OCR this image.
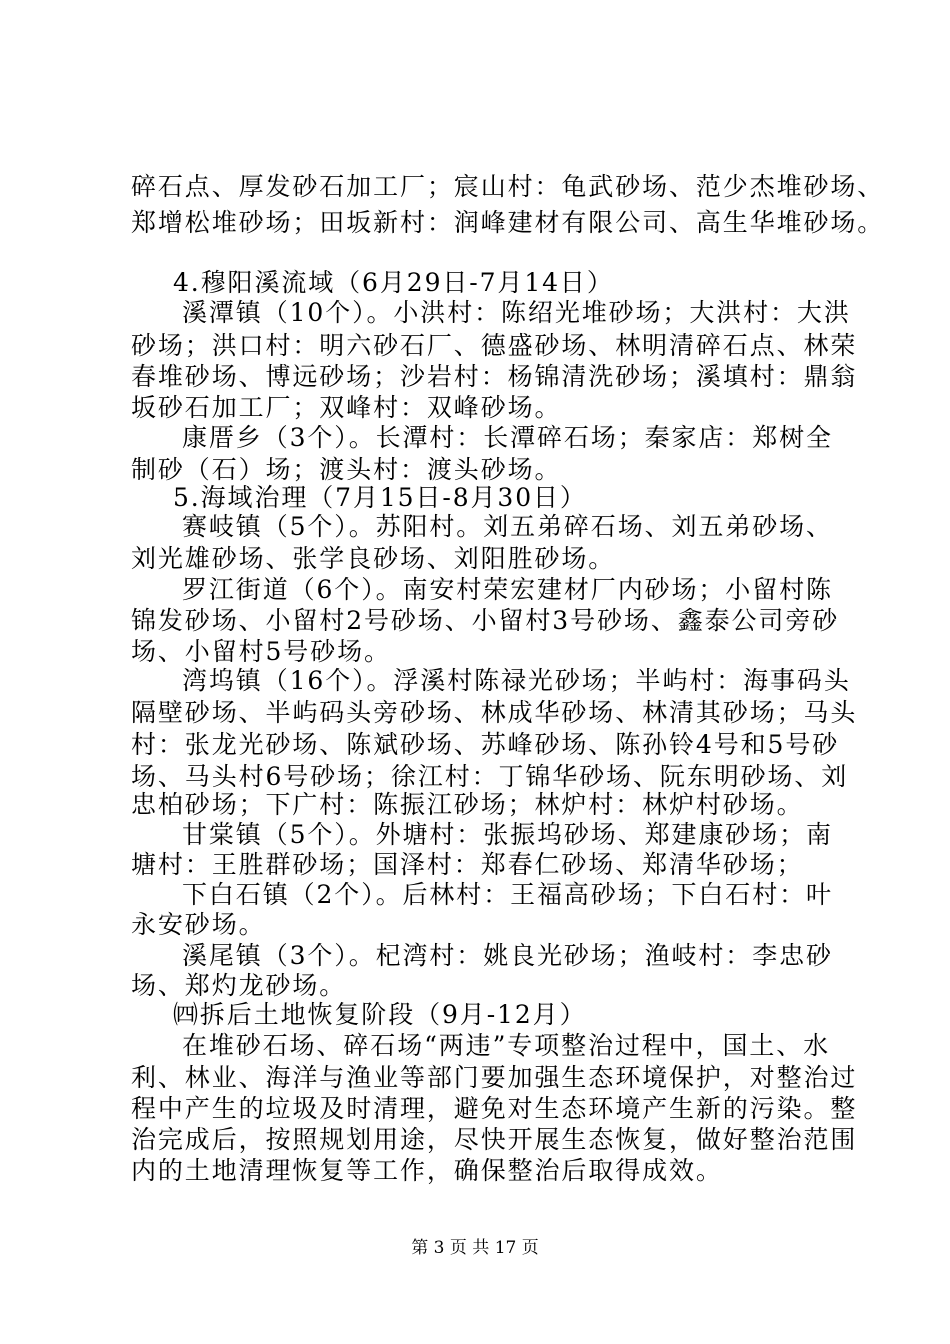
碎石点、厚发砂石加工厂；宸山村：龟武砂场、范少杰堆砂场、
郑增松堆砂场；田坂新村：润峰建材有限公司、高生华堆砂场。
4.穆阳溪流域（6月29日-7月14日）
溪潭镇（10个）。小洪村：陈绍光堆砂场；大洪村：大洪
砂场；洪口村：明六砂石厂、德盛砂场、林明清碎石点、林荣
春堆砂场、博远砂场；沙岩村：杨锦清洗砂场；溪填村：鼎翁
坂砂石加工厂；双峰村：双峰砂场。
康厝乡（3个）。长潭村：长潭碎石场；秦家店：郑树全
制砂（石）场；渡头村：渡头砂场。
5.海域治理（7月15日-8月30日）
赛岐镇（5个）。苏阳村。刘五弟碎石场、刘五弟砂场、
刘光雄砂场、张学良砂场、刘阳胜砂场。
罗江街道（6个）。南安村荣宏建材厂内砂场；小留村陈
锦发砂场、小留村2号砂场、小留村3号砂场、鑫泰公司旁砂
场、小留村5号砂场。
湾坞镇（16个）。浮溪村陈禄光砂场；半屿村：海事码头
隔壁砂场、半屿码头旁砂场、林成华砂场、林清其砂场；马头
村：张龙光砂场、陈斌砂场、苏峰砂场、陈孙铃4号和5号砂
场、马头村6号砂场；徐江村：丁锦华砂场、阮东明砂场、刘
忠柏砂场；下广村：陈振江砂场；林炉村：林炉村砂场。
甘棠镇（5个）。外塘村：张振坞砂场、郑建康砂场；南
塘村：王胜群砂场；国泽村：郑春仁砂场、郑清华砂场；
下白石镇（2个）。后林村：王福高砂场；下白石村：叶
永安砂场。
溪尾镇（3个）。杞湾村：姚良光砂场；渔岐村：李忠砂
场、郑灼龙砂场。
㈣拆后土地恢复阶段（9月-12月）
在堆砂石场、碎石场“两违”专项整治过程中，国土、水
利、林业、海洋与渔业等部门要加强生态环境保护，对整治过
程中产生的垃圾及时清理，避免对生态环境产生新的污染。整
治完成后，按照规划用途，尽快开展生态恢复，做好整治范围
内的土地清理恢复等工作，确保整治后取得成效。
第 3 页 共 17 页
